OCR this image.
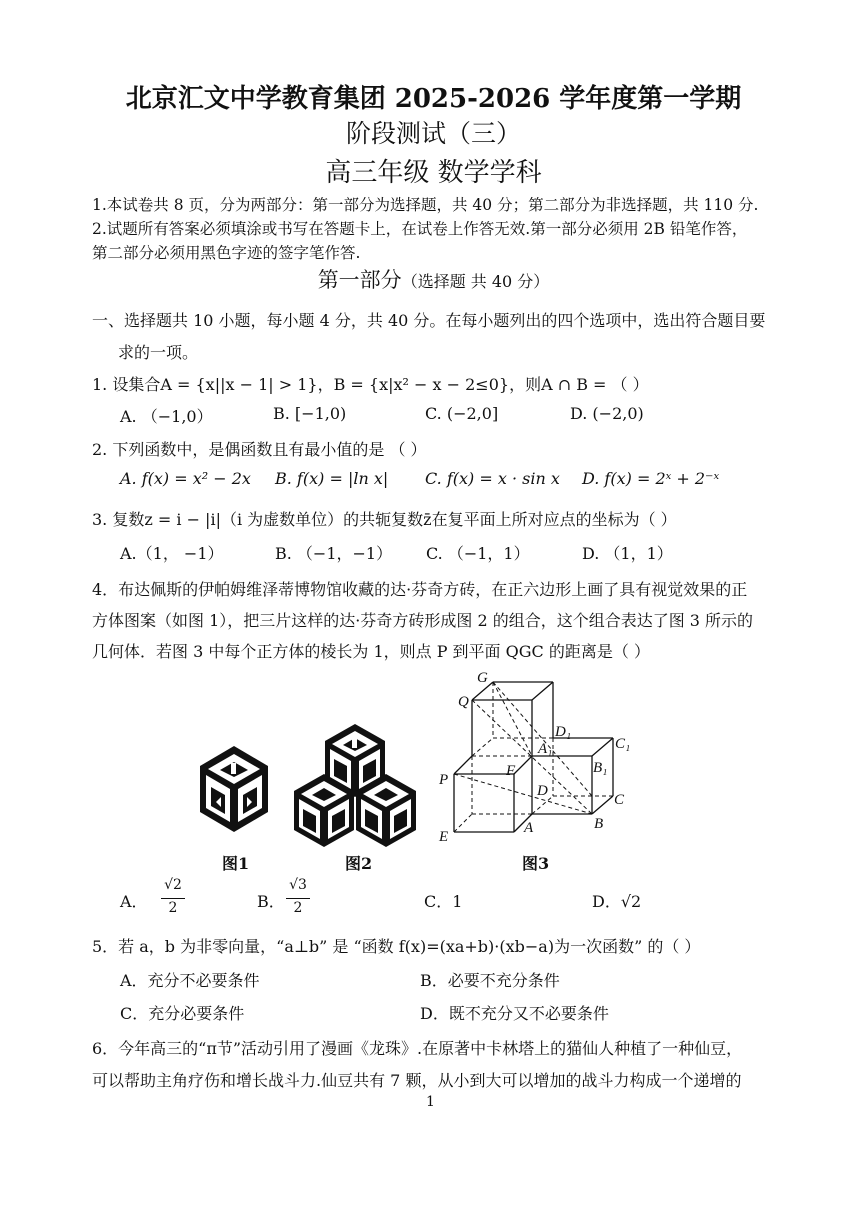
北京汇文中学教育集团 2025-2026 学年度第一学期
阶段测试（三）
高三年级 数学学科
1.本试卷共 8 页，分为两部分：第一部分为选择题，共 40 分；第二部分为非选择题，共 110 分.
2.试题所有答案必须填涂或书写在答题卡上，在试卷上作答无效.第一部分必须用 2B 铅笔作答，
第二部分必须用黑色字迹的签字笔作答.
第一部分（选择题 共 40 分）
一、选择题共 10 小题，每小题 4 分，共 40 分。在每小题列出的四个选项中，选出符合题目要
求的一项。
1. 设集合A = {x||x − 1| > 1}，B = {x|x² − x − 2≤0}，则A ∩ B = （ ）
A. （−1,0）	B. [−1,0)	C. (−2,0]	D. (−2,0)
2. 下列函数中，是偶函数且有最小值的是 （ ）
A. f(x) = x² − 2x B. f(x) = |ln x| C. f(x) = x · sin x D. f(x) = 2ˣ + 2⁻ˣ
3. 复数z = i − |i|（i 为虚数单位）的共轭复数z̄在复平面上所对应点的坐标为（ ）
A.（1， −1）	B. （−1，−1） C. （−1，1）	D. （1，1）
4．布达佩斯的伊帕姆维泽蒂博物馆收藏的达·芬奇方砖，在正六边形上画了具有视觉效果的正
方体图案（如图 1），把三片这样的达·芬奇方砖形成图 2 的组合，这个组合表达了图 3 所示的
几何体．若图 3 中每个正方体的棱长为 1，则点 P 到平面 QGC 的距离是（ ）
图1	图2
G
Q
D₁
C₁
A₁
B₁
P
F
D
C
E
A	B
图3
A．
√2
2	B．
√3
2	C．1	D．√2
5．若 a，b 为非零向量，“a⊥b” 是 “函数 f(x)=(xa+b)·(xb−a)为一次函数” 的（ ）
A．充分不必要条件	B．必要不充分条件
C．充分必要条件	D．既不充分又不必要条件
6．今年高三的“π节”活动引用了漫画《龙珠》.在原著中卡林塔上的猫仙人种植了一种仙豆，
可以帮助主角疗伤和增长战斗力.仙豆共有 7 颗，从小到大可以增加的战斗力构成一个递增的
1
